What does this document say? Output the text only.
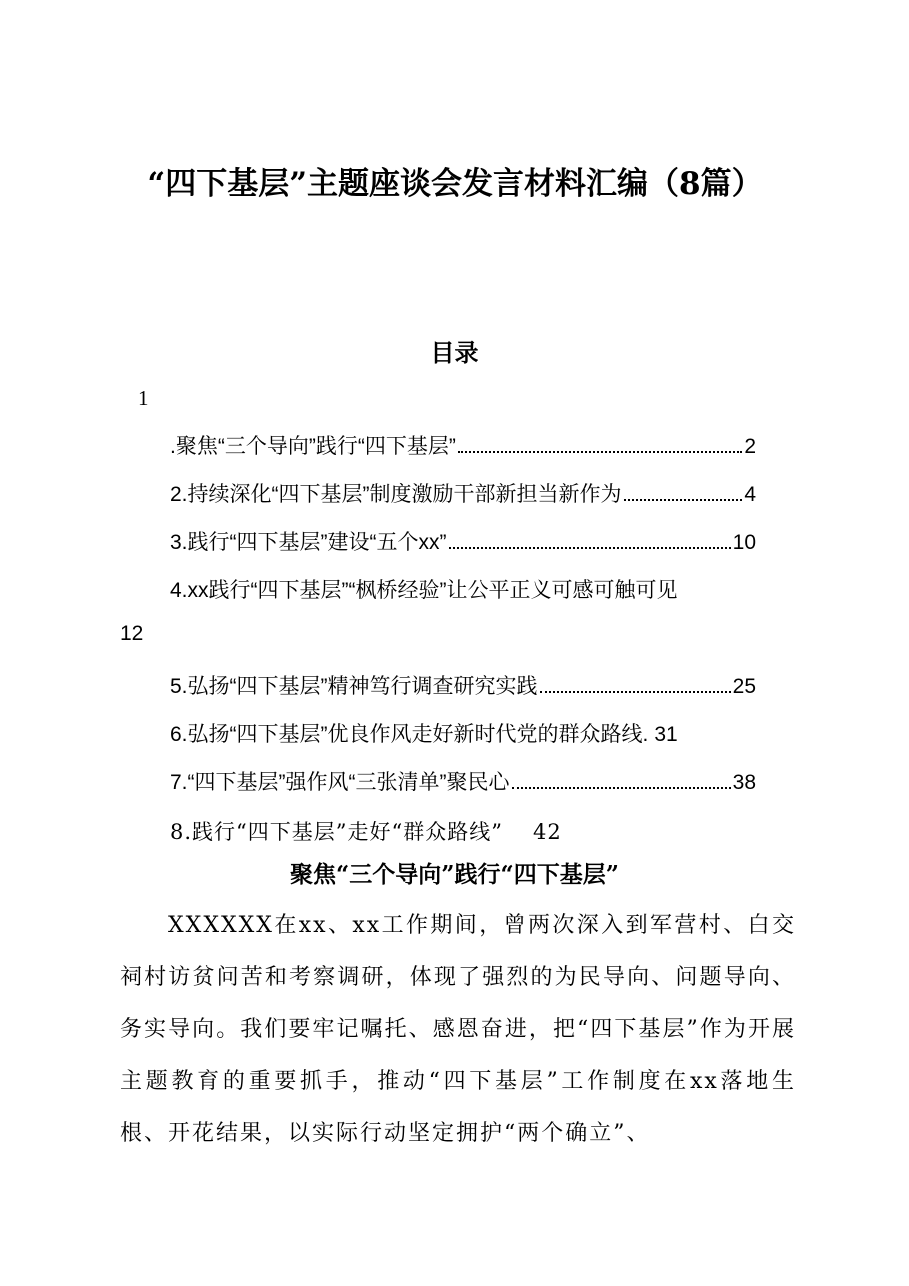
“四下基层”主题座谈会发言材料汇编（8篇）
目录
1
.聚焦“三个导向”践行“四下基层”	2
2.持续深化“四下基层”制度激励干部新担当新作为	4
3.践行“四下基层”建设“五个xx”	10
4.xx践行“四下基层”“枫桥经验”让公平正义可感可触可见
12
5.弘扬“四下基层”精神笃行调查研究实践	25
6.弘扬“四下基层”优良作风走好新时代党的群众路线. 31
7.“四下基层”强作风“三张清单”聚民心	38
8.践行“四下基层”走好“群众路线” 42
聚焦“三个导向”践行“四下基层”
XXXXXX在xx、xx工作期间，曾两次深入到军营村、白交祠村访贫问苦和考察调研，体现了强烈的为民导向、问题导向、务实导向。我们要牢记嘱托、感恩奋进，把“四下基层”作为开展主题教育的重要抓手，推动“四下基层”工作制度在xx落地生根、开花结果，以实际行动坚定拥护“两个确立”、
